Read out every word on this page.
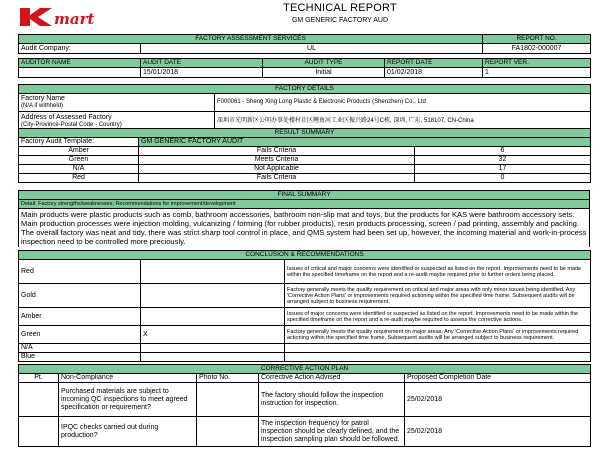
mart
TECHNICAL REPORT
GM GENERIC FACTORY AUD
FACTORY ASSESSMENT SERVICES				REPORT NO.
Audit Company:	UL			FA1802-000007

AUDITOR NAME	AUDIT DATE	AUDIT TYPE	REPORT DATE	REPORT VER.
	15/01/2018	Initial	01/02/2018	1
FACTORY DETAILS	

Factory Name
(N/A if withheld)	F000061 - Sheng Xing Long Plastic & Electronic Products (Shenzhen) Co., Ltd

Address of Assessed Factory
(City-Province-Postal Code - Country)	深圳市光明新区公明办事处楼村社区鲤鱼河工业区振兴路24号C栋, 深圳, 广东, 518107, CN-China
RESULT SUMMARY		
Factory Audit Template:	GM GENERIC FACTORY AUDIT	
Amber	Fails Criteria	6
Green	Meets Criteria	32
N/A	Not Applicable	17
Red	Fails Criteria	0
FINAL SUMMARY
Detail: Factory strengths/weaknesses; Recommendations for improvement/development
Main products were plastic products such as comb, bathroom accessories, bathroom non-slip mat and toys, but the products for KAS were bathroom accessory sets. Main production processes were injection molding, vulcanizing / forming (for rubber products), resin products processing, screen / pad printing, assembly and packing. The overall factory was neat and tidy, there was strict sharp tool control in place, and QMS system had been set up, however, the incoming material and work-in-process inspection need to be controlled more preciously.
CONCLUSION & RECOMMENDATIONS		
Red		Issues of critical and major concerns were identified or suspected as listed on the report. Improvements need to be made within the specified timeframe on the report and a re-audit maybe required prior to further orders being placed.
Gold		Factory generally meets the quality requirement on critical and major areas with only minor issues being identified. Any 'Corrective Action Plans' or improvements required actioning within the specified time frame. Subsequent audits will be arranged subject to business requirement.
Amber		Issues of major concerns were identified or suspected as listed on the report. Improvements need to be made within the specified timeframe on the report and a re-audit maybe required to assess the corrective actions.
Green	X	Factory generally meets the quality requirement on major areas. Any 'Corrective Action Plans' or improvements required actioning within the specified time frame. Subsequent audits will be arranged subject to business requirement.
N/A		
Blue		
CORRECTIVE ACTION PLAN				
Pt.	Non-Compliance	Photo No.	Corrective Action Advised	Proposed Completion Date
	Purchased materials are subject to incoming QC inspections to meet agreed specification or requirement?		The factory should follow the inspection instruction for inspection.	25/02/2018
	IPQC checks carried out during production?		The inspection frequency for patrol inspection should be clearly defined, and the inspection sampling plan should be followed.	25/02/2018
